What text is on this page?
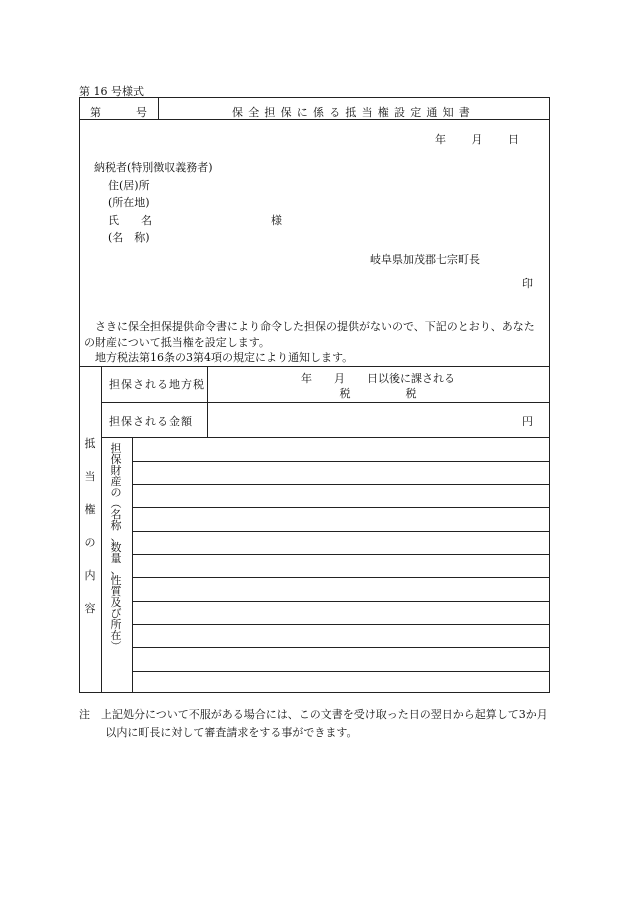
第 16 号様式
第	号	保全担保に係る抵当権設定通知書
年 月 日
納税者(特別徴収義務者)
住(居)所
(所在地)
氏　　名
(名　称)
様
岐阜県加茂郡七宗町長
印

さきに保全担保提供命令書により命令した担保の提供がないので、下記のとおり、あなたの財産について抵当権を設定します。

地方税法第16条の3第4項の規定により通知します。

抵
当
権
の
内
容
担保される地方税	年　　月　　日以後に課される
税　　　　　税
担保される金額	円
担
保
財
産
の
︵
名
称
、
数
量
、
性
質
及
び
所
在
︶

注　上記処分について不服がある場合には、この文書を受け取った日の翌日から起算して3か月以内に町長に対して審査請求をする事ができます。
